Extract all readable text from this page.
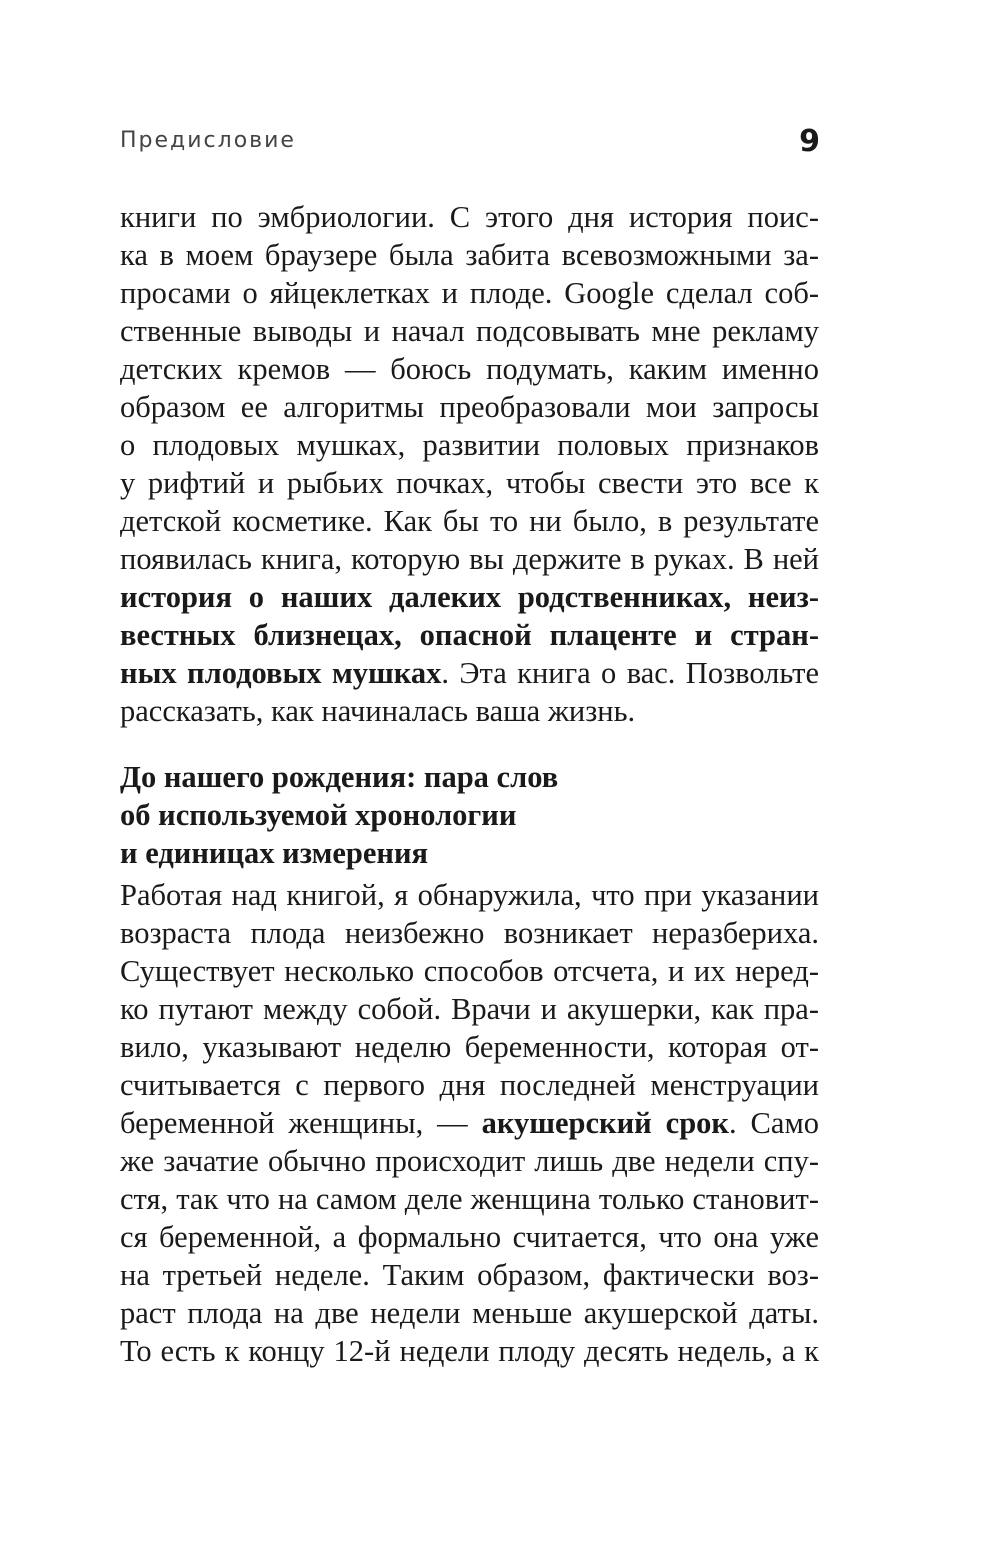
Предисловие	9
книги по эмбриологии. С этого дня история поис-
ка в моем браузере была забита всевозможными за-
просами о яйцеклетках и плоде. Google сделал соб-
ственные выводы и начал подсовывать мне рекламу
детских кремов — боюсь подумать, каким именно
образом ее алгоритмы преобразовали мои запросы
о плодовых мушках, развитии половых признаков
у рифтий и рыбьих почках, чтобы свести это все к
детской косметике. Как бы то ни было, в результате
появилась книга, которую вы держите в руках. В ней
история о наших далеких родственниках, неиз-
вестных близнецах, опасной плаценте и стран-
ных плодовых мушках. Эта книга о вас. Позвольте
рассказать, как начиналась ваша жизнь.
До нашего рождения: пара слов
об используемой хронологии
и единицах измерения
Работая над книгой, я обнаружила, что при указании
возраста плода неизбежно возникает неразбериха.
Существует несколько способов отсчета, и их неред-
ко путают между собой. Врачи и акушерки, как пра-
вило, указывают неделю беременности, которая от-
считывается с первого дня последней менструации
беременной женщины, — акушерский срок. Само
же зачатие обычно происходит лишь две недели спу-
стя, так что на самом деле женщина только становит-
ся беременной, а формально считается, что она уже
на третьей неделе. Таким образом, фактически воз-
раст плода на две недели меньше акушерской даты.
То есть к концу 12-й недели плоду десять недель, а к
